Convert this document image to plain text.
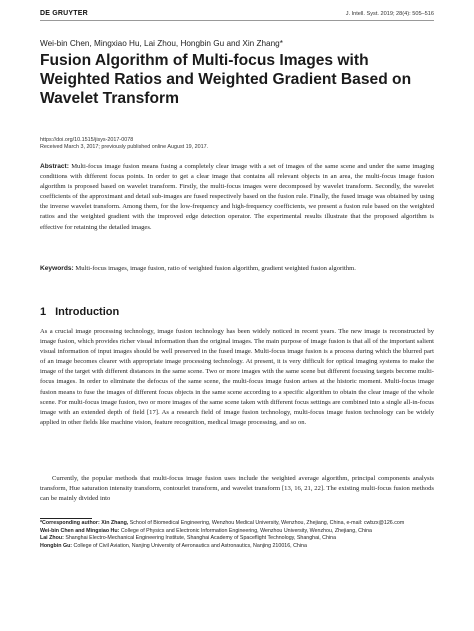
DE GRUYTER	J. Intell. Syst. 2019; 28(4): 505–516
Wei-bin Chen, Mingxiao Hu, Lai Zhou, Hongbin Gu and Xin Zhang*
Fusion Algorithm of Multi-focus Images with Weighted Ratios and Weighted Gradient Based on Wavelet Transform
https://doi.org/10.1515/jisys-2017-0078
Received March 3, 2017; previously published online August 19, 2017.

Abstract: Multi-focus image fusion means fusing a completely clear image with a set of images of the same scene and under the same imaging conditions with different focus points. In order to get a clear image that contains all relevant objects in an area, the multi-focus image fusion algorithm is proposed based on wavelet transform. Firstly, the multi-focus images were decomposed by wavelet transform. Secondly, the wavelet coefficients of the approximant and detail sub-images are fused respectively based on the fusion rule. Finally, the fused image was obtained by using the inverse wavelet transform. Among them, for the low-frequency and high-frequency coefficients, we present a fusion rule based on the weighted ratios and the weighted gradient with the improved edge detection operator. The experimental results illustrate that the proposed algorithm is effective for retaining the detailed images.

Keywords: Multi-focus images, image fusion, ratio of weighted fusion algorithm, gradient weighted fusion algorithm.

1 Introduction

As a crucial image processing technology, image fusion technology has been widely noticed in recent years. The new image is reconstructed by image fusion, which provides richer visual information than the original images. The main purpose of image fusion is that all of the important salient visual information of input images should be well preserved in the fused image. Multi-focus image fusion is a process during which the blurred part of an image becomes clearer with appropriate image processing technology. At present, it is very difficult for optical imaging systems to make the image of the target with different distances in the same scene. Two or more images with the same scene but different focusing targets become multi-focus images. In order to eliminate the defocus of the same scene, the multi-focus image fusion arises at the historic moment. Multi-focus image fusion means to fuse the images of different focus objects in the same scene according to a specific algorithm to obtain the clear image of the whole scene. For multi-focus image fusion, two or more images of the same scene taken with different focus settings are combined into a single all-in-focus image with an extended depth of field [17]. As a research field of image fusion technology, multi-focus image fusion technology can be widely applied in other fields like machine vision, feature recognition, medical image processing, and so on.

Currently, the popular methods that multi-focus image fusion uses include the weighted average algorithm, principal components analysis transform, Hue saturation intensity transform, contourlet transform, and wavelet transform [13, 16, 21, 22]. The existing multi-focus fusion methods can be mainly divided into

*Corresponding author: Xin Zhang, School of Biomedical Engineering, Wenzhou Medical University, Wenzhou, Zhejiang, China, e-mail: cwbzx@126.com

Wei-bin Chen and Mingxiao Hu: College of Physics and Electronic Information Engineering, Wenzhou University, Wenzhou, Zhejiang, China

Lai Zhou: Shanghai Electro-Mechanical Engineering Institute, Shanghai Academy of Spaceflight Technology, Shanghai, China

Hongbin Gu: College of Civil Aviation, Nanjing University of Aeronautics and Astronautics, Nanjing 210016, China
